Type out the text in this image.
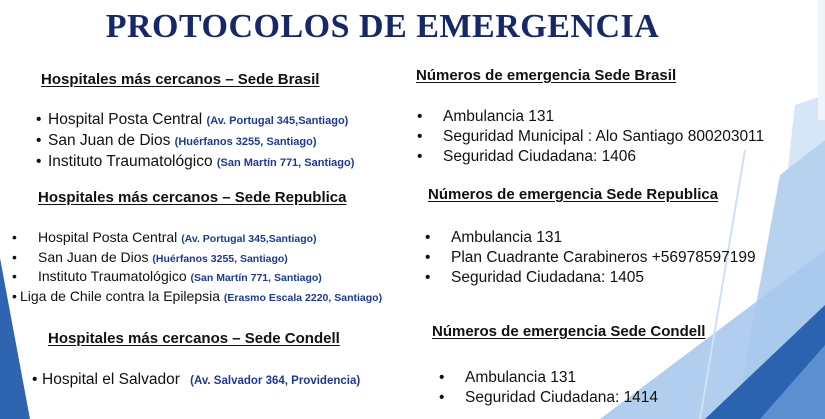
PROTOCOLOS DE EMERGENCIA
Hospitales más cercanos – Sede Brasil
• Hospital Posta Central (Av. Portugal 345,Santiago)
• San Juan de Dios (Huérfanos 3255, Santiago)
• Instituto Traumatológico (San Martín 771, Santiago)
Números de emergencia Sede Brasil
• Ambulancia 131
• Seguridad Municipal : Alo Santiago 800203011
• Seguridad Ciudadana: 1406
Hospitales más cercanos – Sede Republica
• Hospital Posta Central (Av. Portugal 345,Santiago)
• San Juan de Dios (Huérfanos 3255, Santiago)
• Instituto Traumatológico (San Martín 771, Santiago)
• Liga de Chile contra la Epilepsia (Erasmo Escala 2220, Santiago)
Números de emergencia Sede Republica
• Ambulancia 131
• Plan Cuadrante Carabineros +56978597199
• Seguridad Ciudadana: 1405
Hospitales más cercanos – Sede Condell
• Hospital el Salvador (Av. Salvador 364, Providencia)
Números de emergencia Sede Condell
• Ambulancia 131
• Seguridad Ciudadana: 1414
